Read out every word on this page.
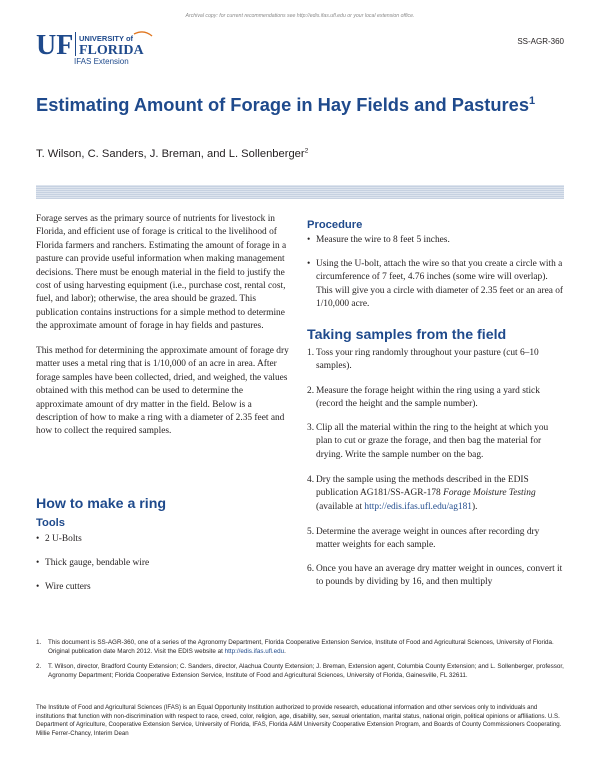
Archival copy: for current recommendations see http://edis.ifas.ufl.edu or your local extension office.
UF UNIVERSITY of
FLORIDA
IFAS Extension
SS-AGR-360
Estimating Amount of Forage in Hay Fields and Pastures$^1$

T. Wilson, C. Sanders, J. Breman, and L. Sollenberger$^2$

Forage serves as the primary source of nutrients for livestock in Florida, and efficient use of forage is critical to the livelihood of Florida farmers and ranchers. Estimating the amount of forage in a pasture can provide useful information when making management decisions. There must be enough material in the field to justify the cost of using harvesting equipment (i.e., purchase cost, rental cost, fuel, and labor); otherwise, the area should be grazed. This publication contains instructions for a simple method to determine the approximate amount of forage in hay fields and pastures.

This method for determining the approximate amount of forage dry matter uses a metal ring that is 1/10,000 of an acre in area. After forage samples have been collected, dried, and weighed, the values obtained with this method can be used to determine the approximate amount of dry matter in the field. Below is a description of how to make a ring with a diameter of 2.35 feet and how to collect the required samples.

How to make a ring
Tools
• 2 U-Bolts
• Thick gauge, bendable wire
• Wire cutters
Procedure
• Measure the wire to 8 feet 5 inches.
• Using the U-bolt, attach the wire so that you create a circle with a circumference of 7 feet, 4.76 inches (some wire will overlap). This will give you a circle with diameter of 2.35 feet or an area of 1/10,000 acre.
Taking samples from the field
1. Toss your ring randomly throughout your pasture (cut 6–10 samples).
2. Measure the forage height within the ring using a yard stick (record the height and the sample number).
3. Clip all the material within the ring to the height at which you plan to cut or graze the forage, and then bag the material for drying. Write the sample number on the bag.
4. Dry the sample using the methods described in the EDIS publication AG181/SS-AGR-178 Forage Moisture Testing (available at http://edis.ifas.ufl.edu/ag181).
5. Determine the average weight in ounces after recording dry matter weights for each sample.
6. Once you have an average dry matter weight in ounces, convert it to pounds by dividing by 16, and then multiply

1. This document is SS-AGR-360, one of a series of the Agronomy Department, Florida Cooperative Extension Service, Institute of Food and Agricultural Sciences, University of Florida. Original publication date March 2012. Visit the EDIS website at http://edis.ifas.ufl.edu.

2. T. Wilson, director, Bradford County Extension; C. Sanders, director, Alachua County Extension; J. Breman, Extension agent, Columbia County Extension; and L. Sollenberger, professor, Agronomy Department; Florida Cooperative Extension Service, Institute of Food and Agricultural Sciences, University of Florida, Gainesville, FL 32611.

The Institute of Food and Agricultural Sciences (IFAS) is an Equal Opportunity Institution authorized to provide research, educational information and other services only to individuals and institutions that function with non-discrimination with respect to race, creed, color, religion, age, disability, sex, sexual orientation, marital status, national origin, political opinions or affiliations. U.S. Department of Agriculture, Cooperative Extension Service, University of Florida, IFAS, Florida A&M University Cooperative Extension Program, and Boards of County Commissioners Cooperating. Millie Ferrer-Chancy, Interim Dean
